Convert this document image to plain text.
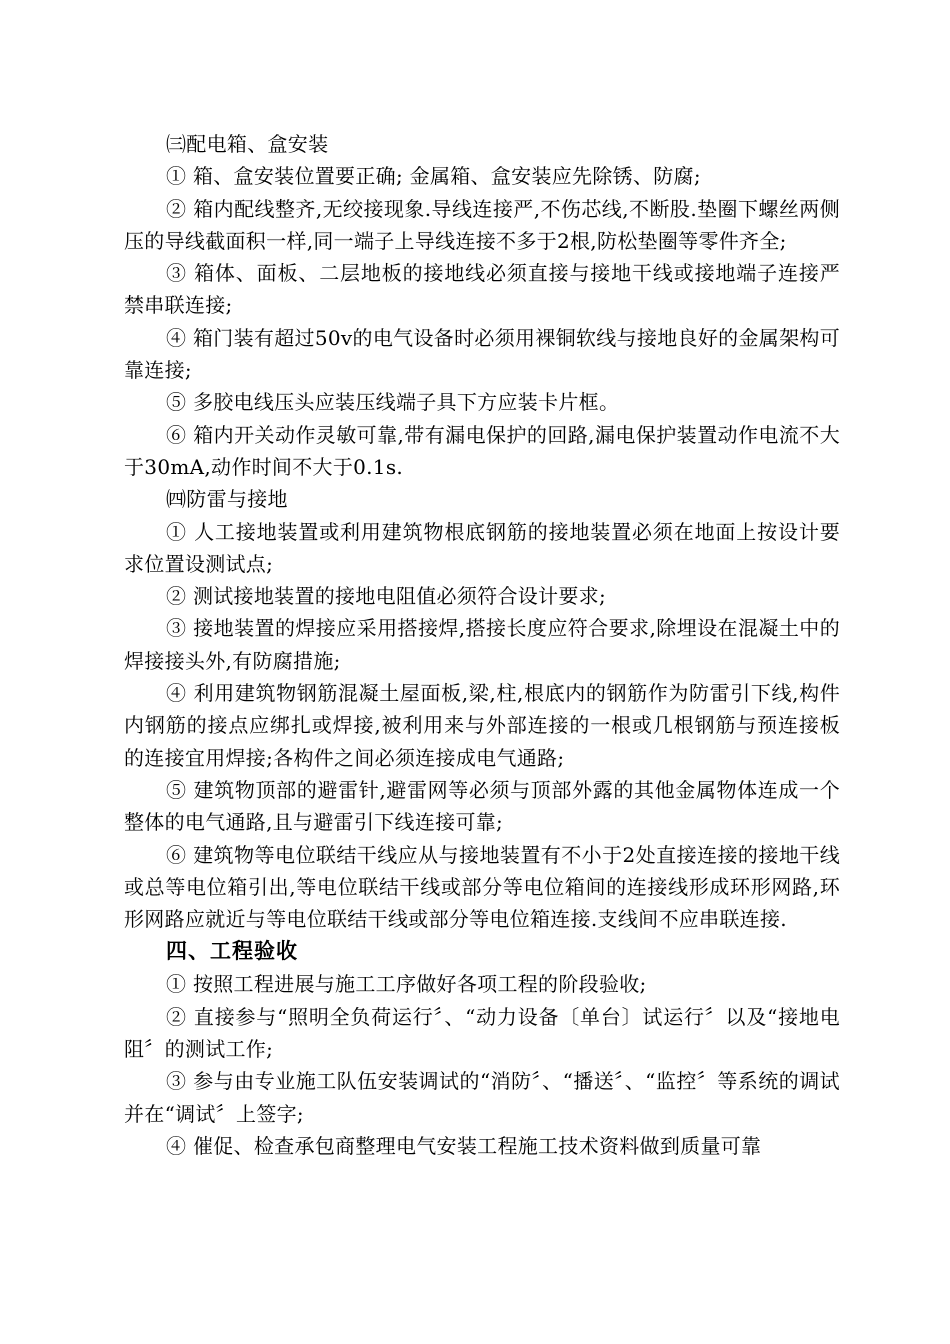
㈢配电箱、盒安装

① 箱、盒安装位置要正确; 金属箱、盒安装应先除锈、防腐;

② 箱内配线整齐,无绞接现象.导线连接严,不伤芯线,不断股.垫圈下螺丝两侧压的导线截面积一样,同一端子上导线连接不多于2根,防松垫圈等零件齐全;

③ 箱体、面板、二层地板的接地线必须直接与接地干线或接地端子连接严禁串联连接;

④ 箱门装有超过50v的电气设备时必须用裸铜软线与接地良好的金属架构可靠连接;

⑤ 多胶电线压头应装压线端子具下方应装卡片框。

⑥ 箱内开关动作灵敏可靠,带有漏电保护的回路,漏电保护装置动作电流不大于30mA,动作时间不大于0.1s.

㈣防雷与接地

① 人工接地装置或利用建筑物根底钢筋的接地装置必须在地面上按设计要求位置设测试点;

② 测试接地装置的接地电阻值必须符合设计要求;

③ 接地装置的焊接应采用搭接焊,搭接长度应符合要求,除埋设在混凝土中的焊接接头外,有防腐措施;

④ 利用建筑物钢筋混凝土屋面板,梁,柱,根底内的钢筋作为防雷引下线,构件内钢筋的接点应绑扎或焊接,被利用来与外部连接的一根或几根钢筋与预连接板的连接宜用焊接;各构件之间必须连接成电气通路;

⑤ 建筑物顶部的避雷针,避雷网等必须与顶部外露的其他金属物体连成一个整体的电气通路,且与避雷引下线连接可靠;

⑥ 建筑物等电位联结干线应从与接地装置有不小于2处直接连接的接地干线或总等电位箱引出,等电位联结干线或部分等电位箱间的连接线形成环形网路,环形网路应就近与等电位联结干线或部分等电位箱连接.支线间不应串联连接.

四、工程验收

① 按照工程进展与施工工序做好各项工程的阶段验收;

② 直接参与“照明全负荷运行〞、“动力设备〔单台〕试运行〞以及“接地电阻〞的测试工作;

③ 参与由专业施工队伍安装调试的“消防〞、“播送〞、“监控〞等系统的调试并在“调试〞上签字;

④ 催促、检查承包商整理电气安装工程施工技术资料做到质量可靠
